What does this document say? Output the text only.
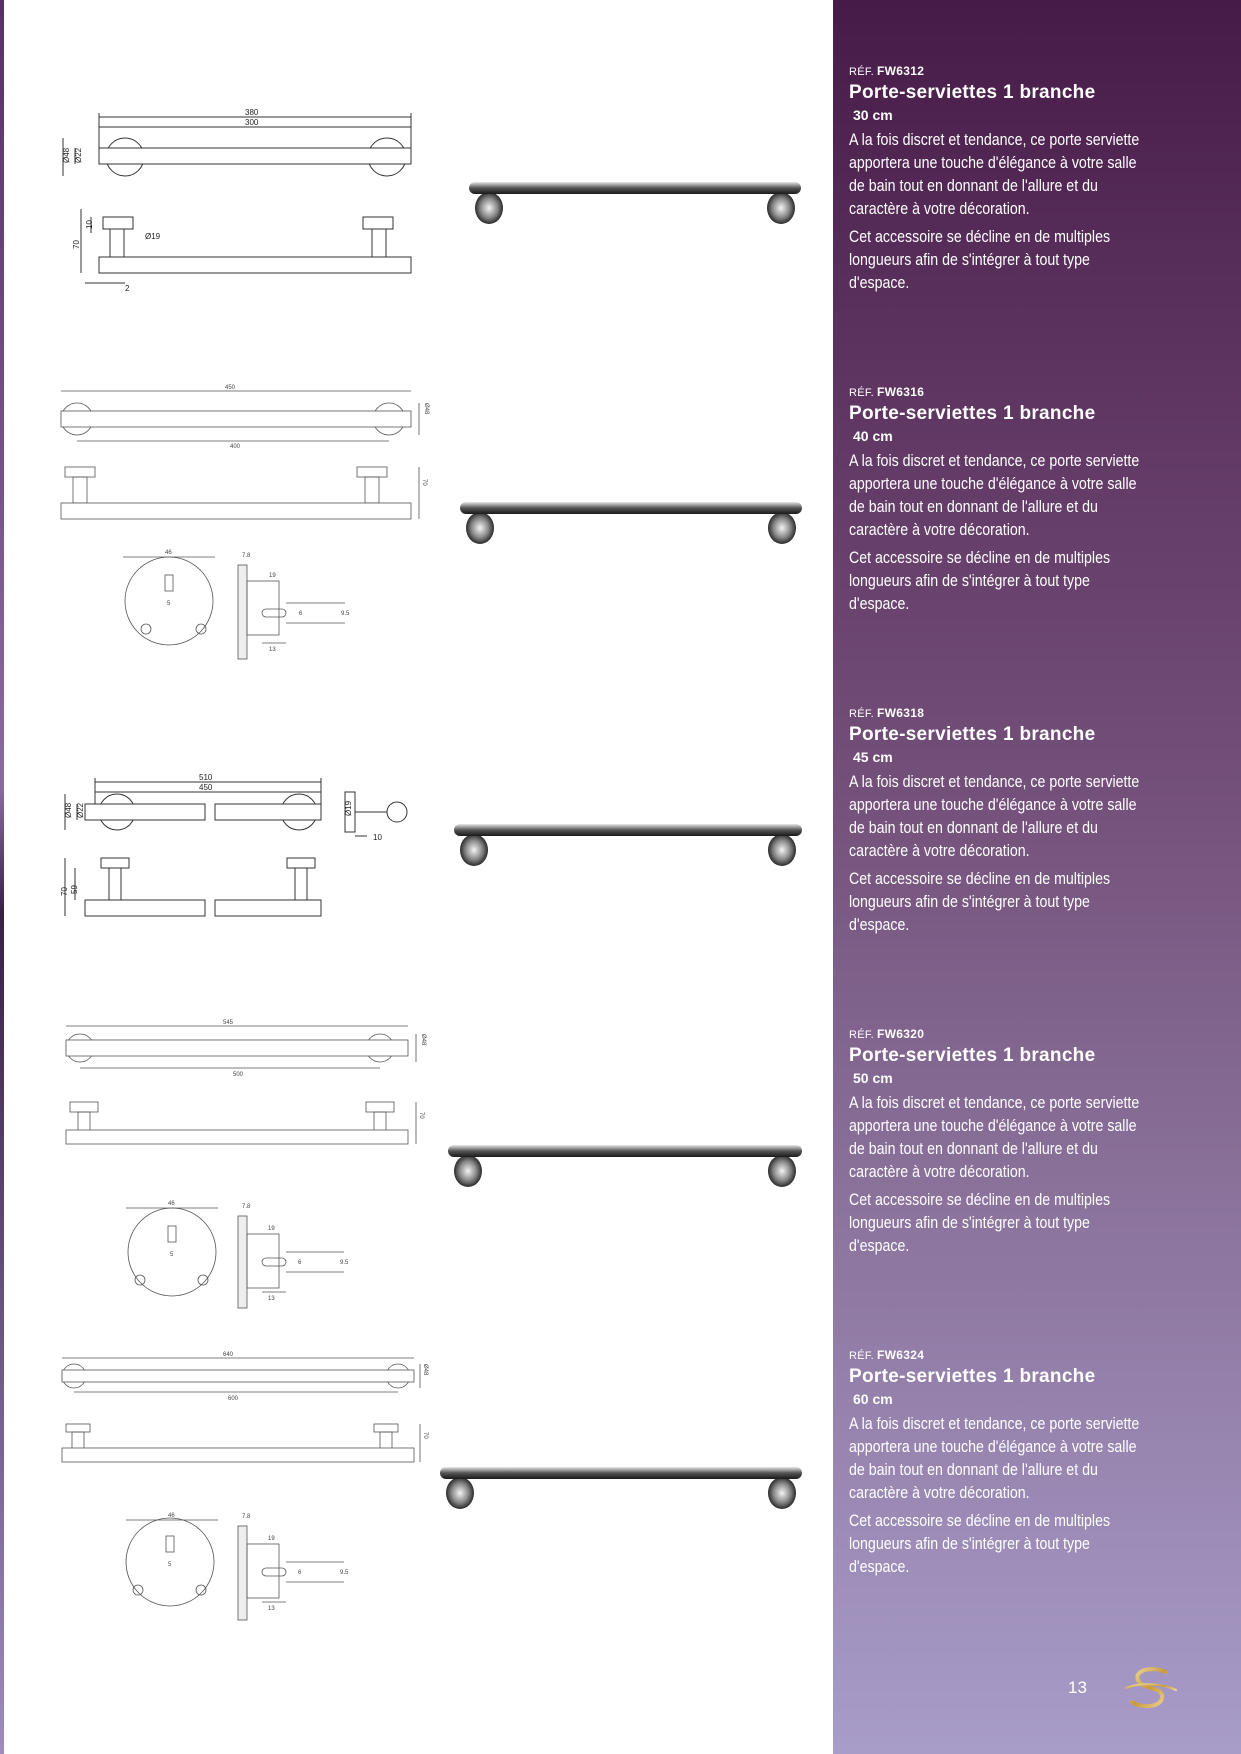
380
300
Ø48 Ø22
70
10
Ø19
2
RÉF. FW6312
Porte-serviettes 1 branche
30 cm
A la fois discret et tendance, ce porte serviette apportera une touche d'élégance à votre salle de bain tout en donnant de l'allure et du caractère à votre décoration.
Cet accessoire se décline en de multiples longueurs afin de s'intégrer à tout type d'espace.
450
400
Ø48
70
46
5
7.8
19
6	9.5
13
RÉF. FW6316
Porte-serviettes 1 branche
40 cm
A la fois discret et tendance, ce porte serviette apportera une touche d'élégance à votre salle de bain tout en donnant de l'allure et du caractère à votre décoration.
Cet accessoire se décline en de multiples longueurs afin de s'intégrer à tout type d'espace.
510
450
Ø48 Ø22	Ø19
10
70 59
RÉF. FW6318
Porte-serviettes 1 branche
45 cm
A la fois discret et tendance, ce porte serviette apportera une touche d'élégance à votre salle de bain tout en donnant de l'allure et du caractère à votre décoration.
Cet accessoire se décline en de multiples longueurs afin de s'intégrer à tout type d'espace.
545
500
Ø48
70
46
5
7.8
19
6	9.5
13
RÉF. FW6320
Porte-serviettes 1 branche
50 cm
A la fois discret et tendance, ce porte serviette apportera une touche d'élégance à votre salle de bain tout en donnant de l'allure et du caractère à votre décoration.
Cet accessoire se décline en de multiples longueurs afin de s'intégrer à tout type d'espace.
640
600
Ø48
70
46
5
7.8
19
6	9.5
13
RÉF. FW6324
Porte-serviettes 1 branche
60 cm
A la fois discret et tendance, ce porte serviette apportera une touche d'élégance à votre salle de bain tout en donnant de l'allure et du caractère à votre décoration.
Cet accessoire se décline en de multiples longueurs afin de s'intégrer à tout type d'espace.
13
